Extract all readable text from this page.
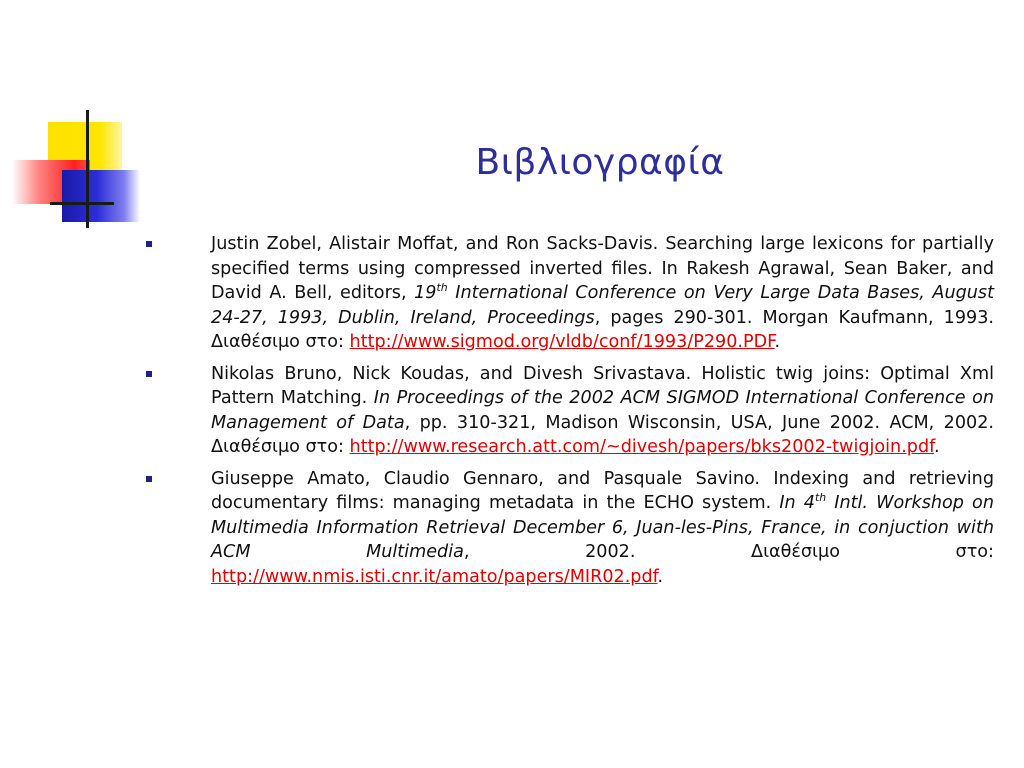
Βιβλιογραφία
Justin Zobel, Alistair Moffat, and Ron Sacks-Davis. Searching large lexicons for partially specified terms using compressed inverted files. In Rakesh Agrawal, Sean Baker, and David A. Bell, editors, 19th International Conference on Very Large Data Bases, August 24-27, 1993, Dublin, Ireland, Proceedings, pages 290-301. Morgan Kaufmann, 1993. Διαθέσιμο στο: http://www.sigmod.org/vldb/conf/1993/P290.PDF.
Nikolas Bruno, Nick Koudas, and Divesh Srivastava. Holistic twig joins: Optimal Xml Pattern Matching. In Proceedings of the 2002 ACM SIGMOD International Conference on Management of Data, pp. 310-321, Madison Wisconsin, USA, June 2002. ACM, 2002. Διαθέσιμο στο: http://www.research.att.com/~divesh/papers/bks2002-twigjoin.pdf.
Giuseppe Amato, Claudio Gennaro, and Pasquale Savino. Indexing and retrieving documentary films: managing metadata in the ECHO system. In 4th Intl. Workshop on Multimedia Information Retrieval December 6, Juan-les-Pins, France, in conjuction with ACM Multimedia, 2002. Διαθέσιμο στο: http://www.nmis.isti.cnr.it/amato/papers/MIR02.pdf.
